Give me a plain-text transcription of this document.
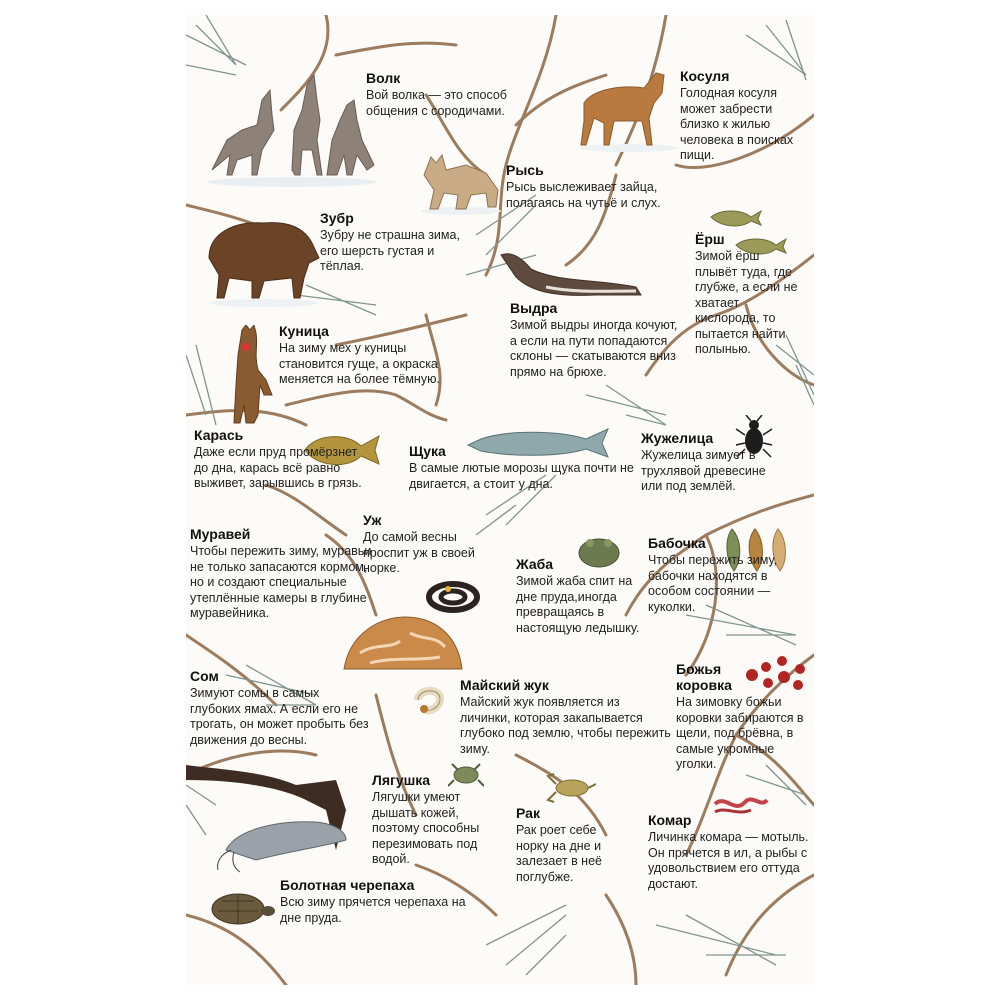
Волк

Вой волка — это способ общения с сородичами.

Косуля

Голодная косуля может забрести близко к жилью человека в поисках пищи.

Рысь

Рысь выслеживает зайца, полагаясь на чутьё и слух.

Зубр

Зубру не страшна зима, его шерсть густая и тёплая.

Ёрш

Зимой ёрш плывёт туда, где глубже, а если не хватает кислорода, то пытается найти полынью.

Выдра

Зимой выдры иногда кочуют, а если на пути попадаются склоны — скатываются вниз прямо на брюхе.

Куница

На зиму мех у куницы становится гуще, а окраска меняется на более тёмную.

Карась

Даже если пруд промёрзнет до дна, карась всё равно выживет, зарывшись в грязь.

Щука

В самые лютые морозы щука почти не двигается, а стоит у дна.

Жужелица

Жужелица зимует в трухлявой древесине или под землёй.

Муравей

Чтобы пережить зиму, муравьи не только запасаются кормом, но и создают специальные утеплённые камеры в глубине муравейника.

Уж

До самой весны проспит уж в своей норке.	Жаба

Зимой жаба спит на дне пруда,иногда превращаясь в настоящую ледышку.

Бабочка

Чтобы пережить зиму, бабочки находятся в особом состоянии — куколки.

Сом

Зимуют сомы в самых глубоких ямах. А если его не трогать, он может пробыть без движения до весны.

Майский жук

Майский жук появляется из личинки, которая закапывается глубоко под землю, чтобы пережить зиму.

Божья коровка

На зимовку божьи коровки забираются в щели, под брёвна, в самые укромные уголки.

Лягушка

Лягушки умеют дышать кожей, поэтому способны перезимовать под водой.

Рак

Рак роет себе норку на дне и залезает в неё поглубже.

Комар

Личинка комара — мотыль. Он прячется в ил, а рыбы с удовольствием его оттуда достают.

Болотная черепаха

Всю зиму прячется черепаха на дне пруда.
